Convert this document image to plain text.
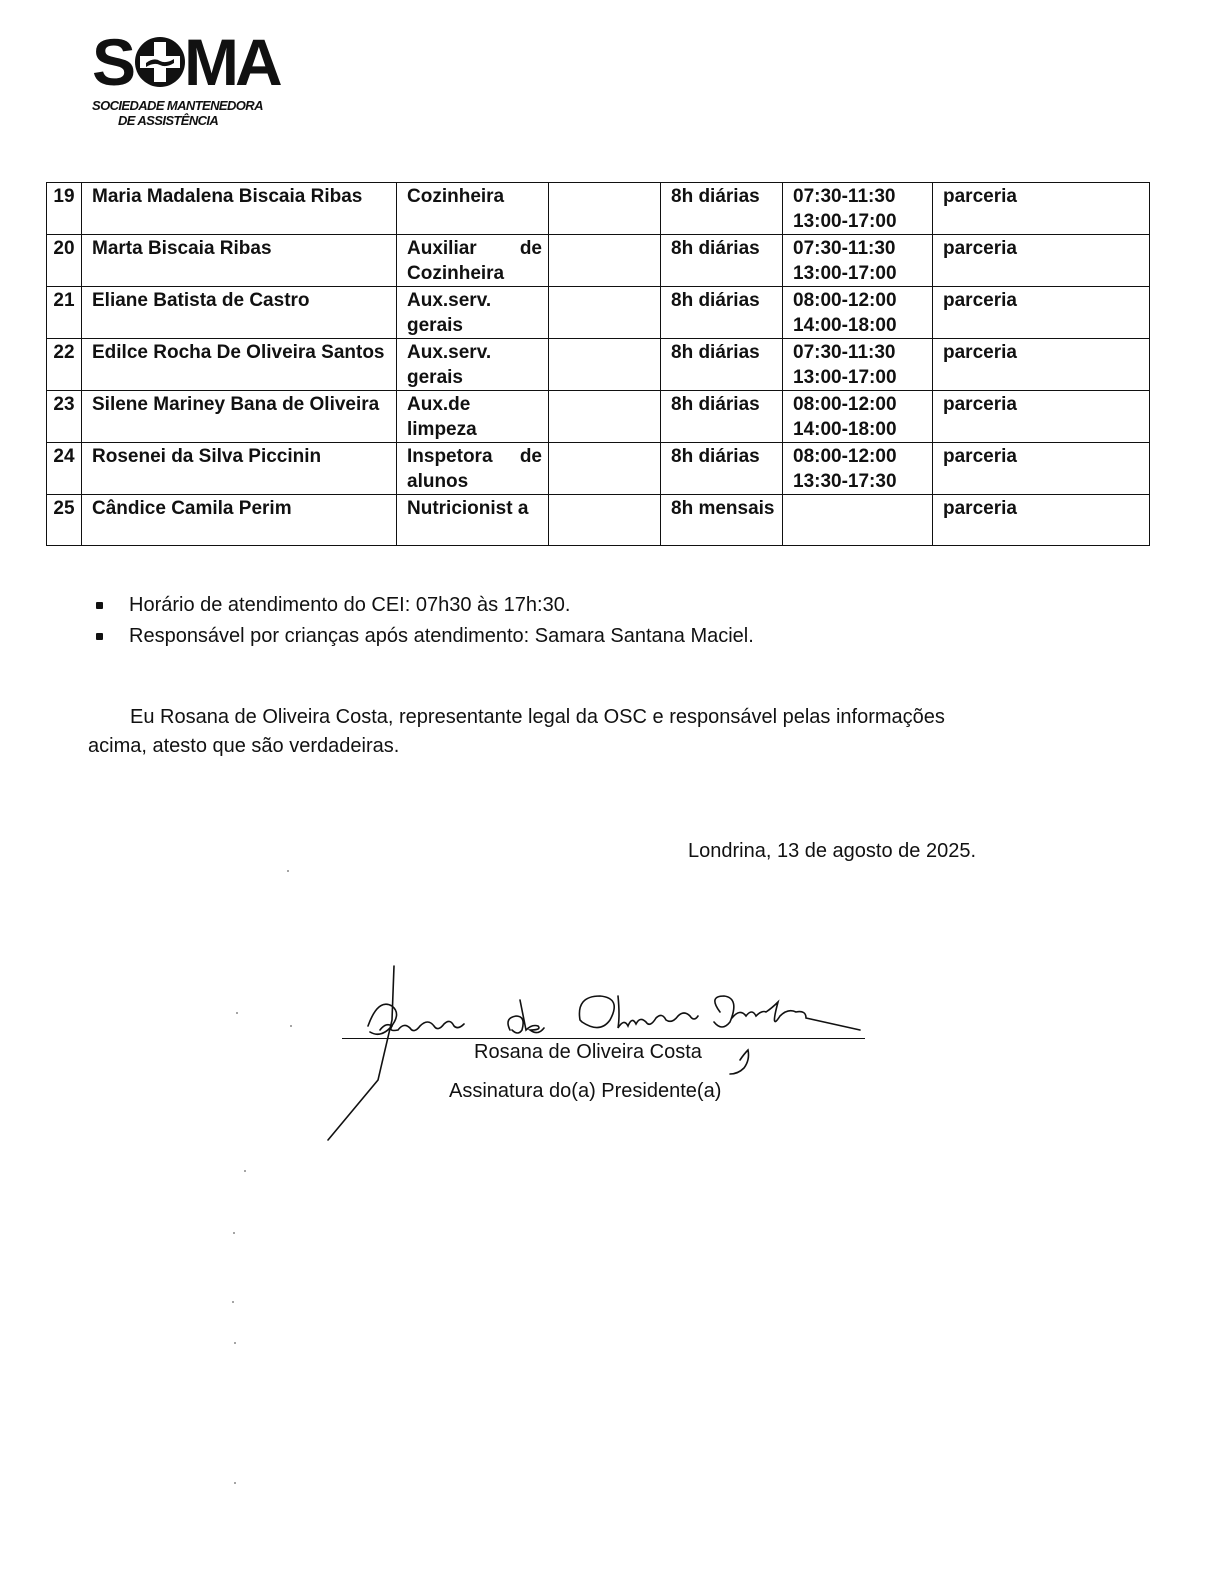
S MA
SOCIEDADE MANTENEDORA
DE ASSISTÊNCIA
19	Maria Madalena Biscaia Ribas	Cozinheira		8h diárias	07:30-11:30
13:00-17:00	parceria
20	Marta Biscaia Ribas	Auxiliar de Cozinheira		8h diárias	07:30-11:30
13:00-17:00	parceria
21	Eliane Batista de Castro	Aux.serv. gerais		8h diárias	08:00-12:00
14:00-18:00	parceria
22	Edilce Rocha De Oliveira Santos	Aux.serv. gerais		8h diárias	07:30-11:30
13:00-17:00	parceria
23	Silene Mariney Bana de Oliveira	Aux.de limpeza		8h diárias	08:00-12:00
14:00-18:00	parceria
24	Rosenei da Silva Piccinin	Inspetora de alunos		8h diárias	08:00-12:00
13:30-17:30	parceria
25	Cândice Camila Perim	Nutricionist a		8h mensais		parceria
Horário de atendimento do CEI: 07h30 às 17h:30.
Responsável por crianças após atendimento: Samara Santana Maciel.
Eu Rosana de Oliveira Costa, representante legal da OSC e responsável pelas informações
acima, atesto que são verdadeiras.
Londrina, 13 de agosto de 2025.
Rosana de Oliveira Costa
Assinatura do(a) Presidente(a)
